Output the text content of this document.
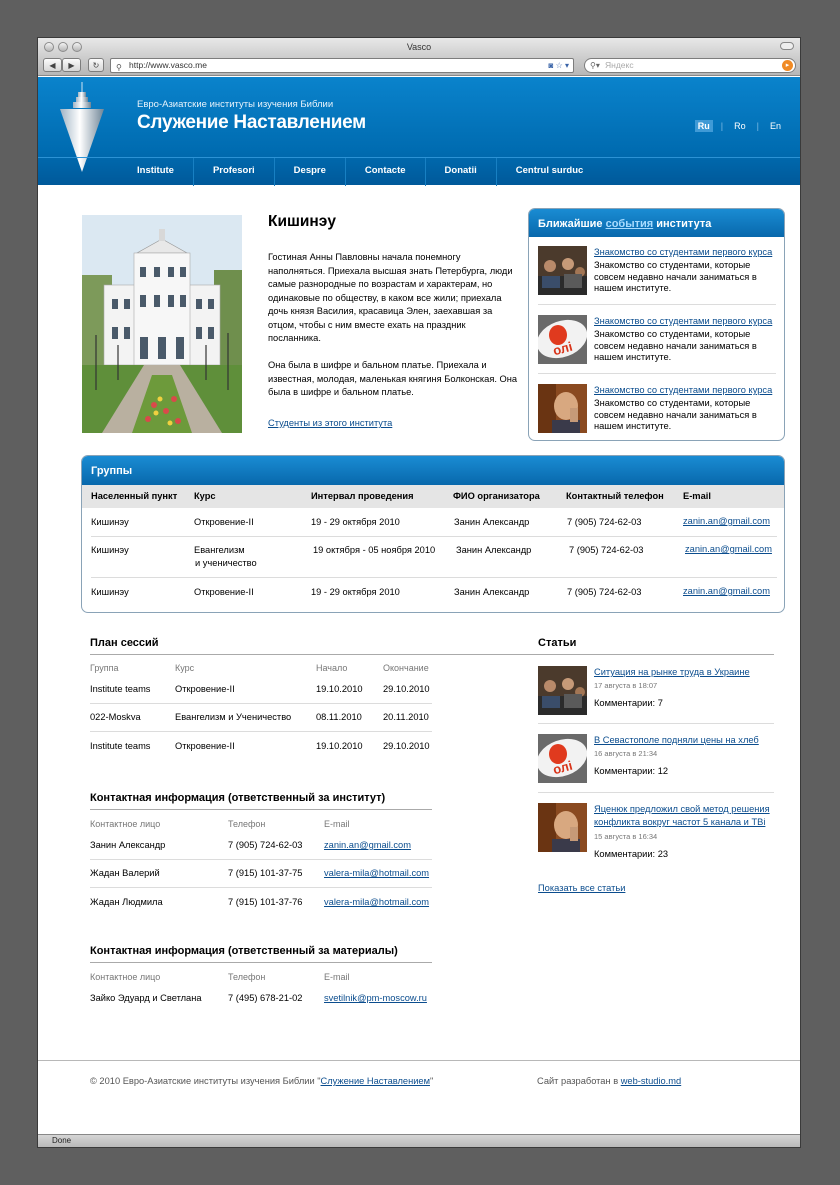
Vasco
◀ ▶ ↻ ⚲ http://www.vasco.me	◙ ☆ ▾	⚲▾ Яндекс	▸
Евро-Азиатские институты изучения Библии
Служение Наставлением	Ru	|	Ro	|	En
Institute	Profesori	Despre	Contacte	Donatii	Centrul surduc
Кишинэу

Гостиная Анны Павловны начала понемногу наполняться. Приехала высшая знать Петербурга, люди самые разнородные по возрастам и характерам, но одинаковые по обществу, в каком все жили; приехала дочь князя Василия, красавица Элен, заехавшая за отцом, чтобы с ним вместе ехать на праздник посланника.

Она была в шифре и бальном платье. Приехала и известная, молодая, маленькая княгиня Болконская. Она была в шифре и бальном платье.

Студенты из этого института
Ближайшие события института
Знакомство со студентами первого курса
Знакомство со студентами, которые совсем недавно начали заниматься в нашем институте.
олі
Знакомство со студентами первого курса
Знакомство со студентами, которые совсем недавно начали заниматься в нашем институте.
Знакомство со студентами первого курса
Знакомство со студентами, которые совсем недавно начали заниматься в нашем институте.
Группы
Населенный пункт Курс	Интервал проведения	ФИО организатора	Контактный телефон E-mail
Кишинэу	Откровение-II	19 - 29 октября 2010	Занин Александр	7 (905) 724-62-03	zanin.an@gmail.com
Кишинэу	Евангелизм
и ученичество
19 октября - 05 ноября 2010 Занин Александр	7 (905) 724-62-03	zanin.an@gmail.com
Кишинэу	Откровение-II	19 - 29 октября 2010	Занин Александр	7 (905) 724-62-03	zanin.an@gmail.com
План сессий
Группа	Курс	Начало	Окончание
Institute teams	Откровение-II	19.10.2010 29.10.2010
022-Moskva	Евангелизм и Ученичество	08.11.2010 20.11.2010
Institute teams	Откровение-II	19.10.2010 29.10.2010
Контактная информация (ответственный за институт)
Контактное лицо	Телефон	E-mail
Занин Александр	7 (905) 724-62-03 zanin.an@gmail.com
Жадан Валерий	7 (915) 101-37-75 valera-mila@hotmail.com
Жадан Людмила	7 (915) 101-37-76 valera-mila@hotmail.com
Контактная информация (ответственный за материалы)
Контактное лицо	Телефон	E-mail
Зайко Эдуард и Светлана	7 (495) 678-21-02 svetilnik@pm-moscow.ru
Статьи
Ситуация на рынке труда в Украине
17 августа в 18:07
Комментарии: 7
олі
В Севастополе подняли цены на хлеб
16 августа в 21:34
Комментарии: 12
Яценюк предложил свой метод решения конфликта вокруг частот 5 канала и ТВi
15 августа в 16:34
Комментарии: 23
Показать все статьи
© 2010 Евро-Азиатские институты изучения Библии "Служение Наставлением"	Сайт разработан в web-studio.md
Done
